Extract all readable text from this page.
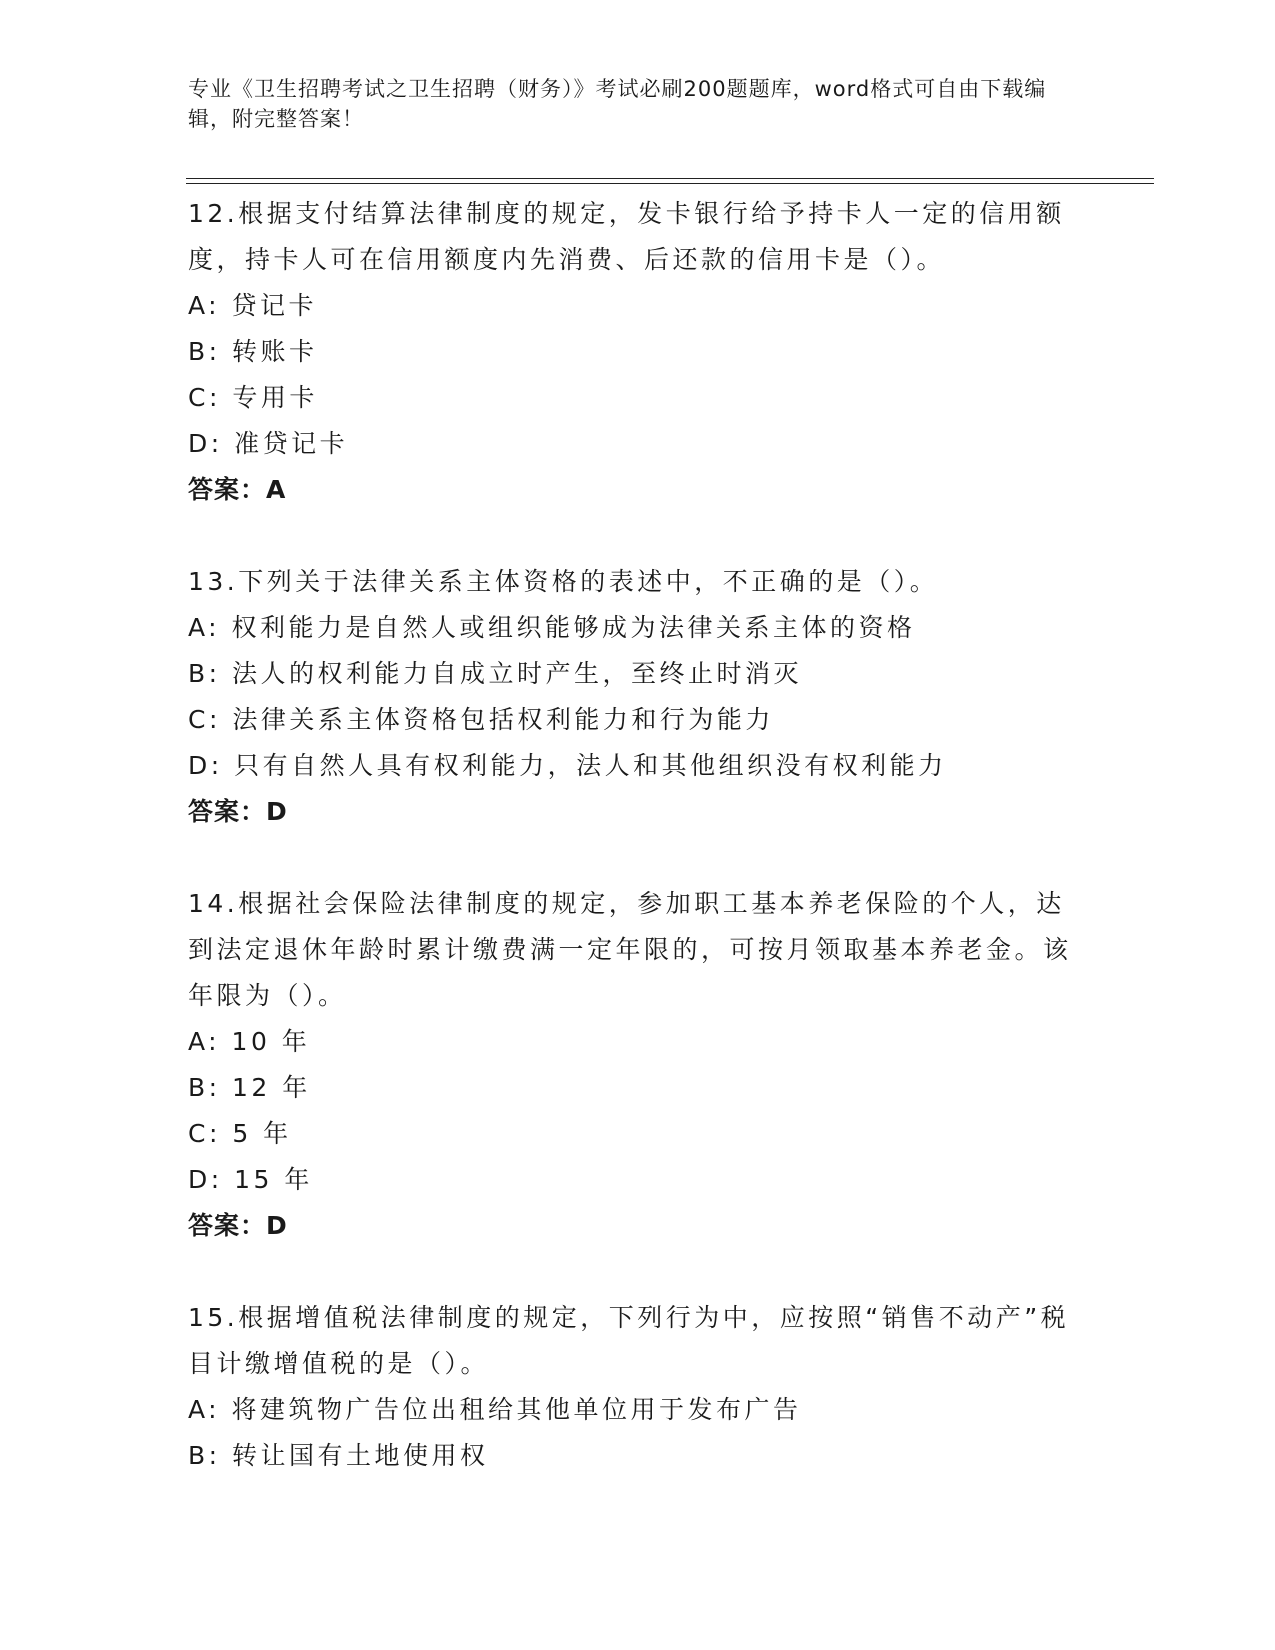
专业《卫生招聘考试之卫生招聘（财务）》考试必刷200题题库，word格式可自由下载编辑，附完整答案！
12.根据支付结算法律制度的规定，发卡银行给予持卡人一定的信用额度，持卡人可在信用额度内先消费、后还款的信用卡是（）。
A: 贷记卡
B: 转账卡
C: 专用卡
D: 准贷记卡
答案：A
13.下列关于法律关系主体资格的表述中，不正确的是（）。
A: 权利能力是自然人或组织能够成为法律关系主体的资格
B: 法人的权利能力自成立时产生，至终止时消灭
C: 法律关系主体资格包括权利能力和行为能力
D: 只有自然人具有权利能力，法人和其他组织没有权利能力
答案：D
14.根据社会保险法律制度的规定，参加职工基本养老保险的个人，达到法定退休年龄时累计缴费满一定年限的，可按月领取基本养老金。该年限为（）。
A: 10 年
B: 12 年
C: 5 年
D: 15 年
答案：D
15.根据增值税法律制度的规定，下列行为中，应按照“销售不动产”税目计缴增值税的是（）。
A: 将建筑物广告位出租给其他单位用于发布广告
B: 转让国有土地使用权
